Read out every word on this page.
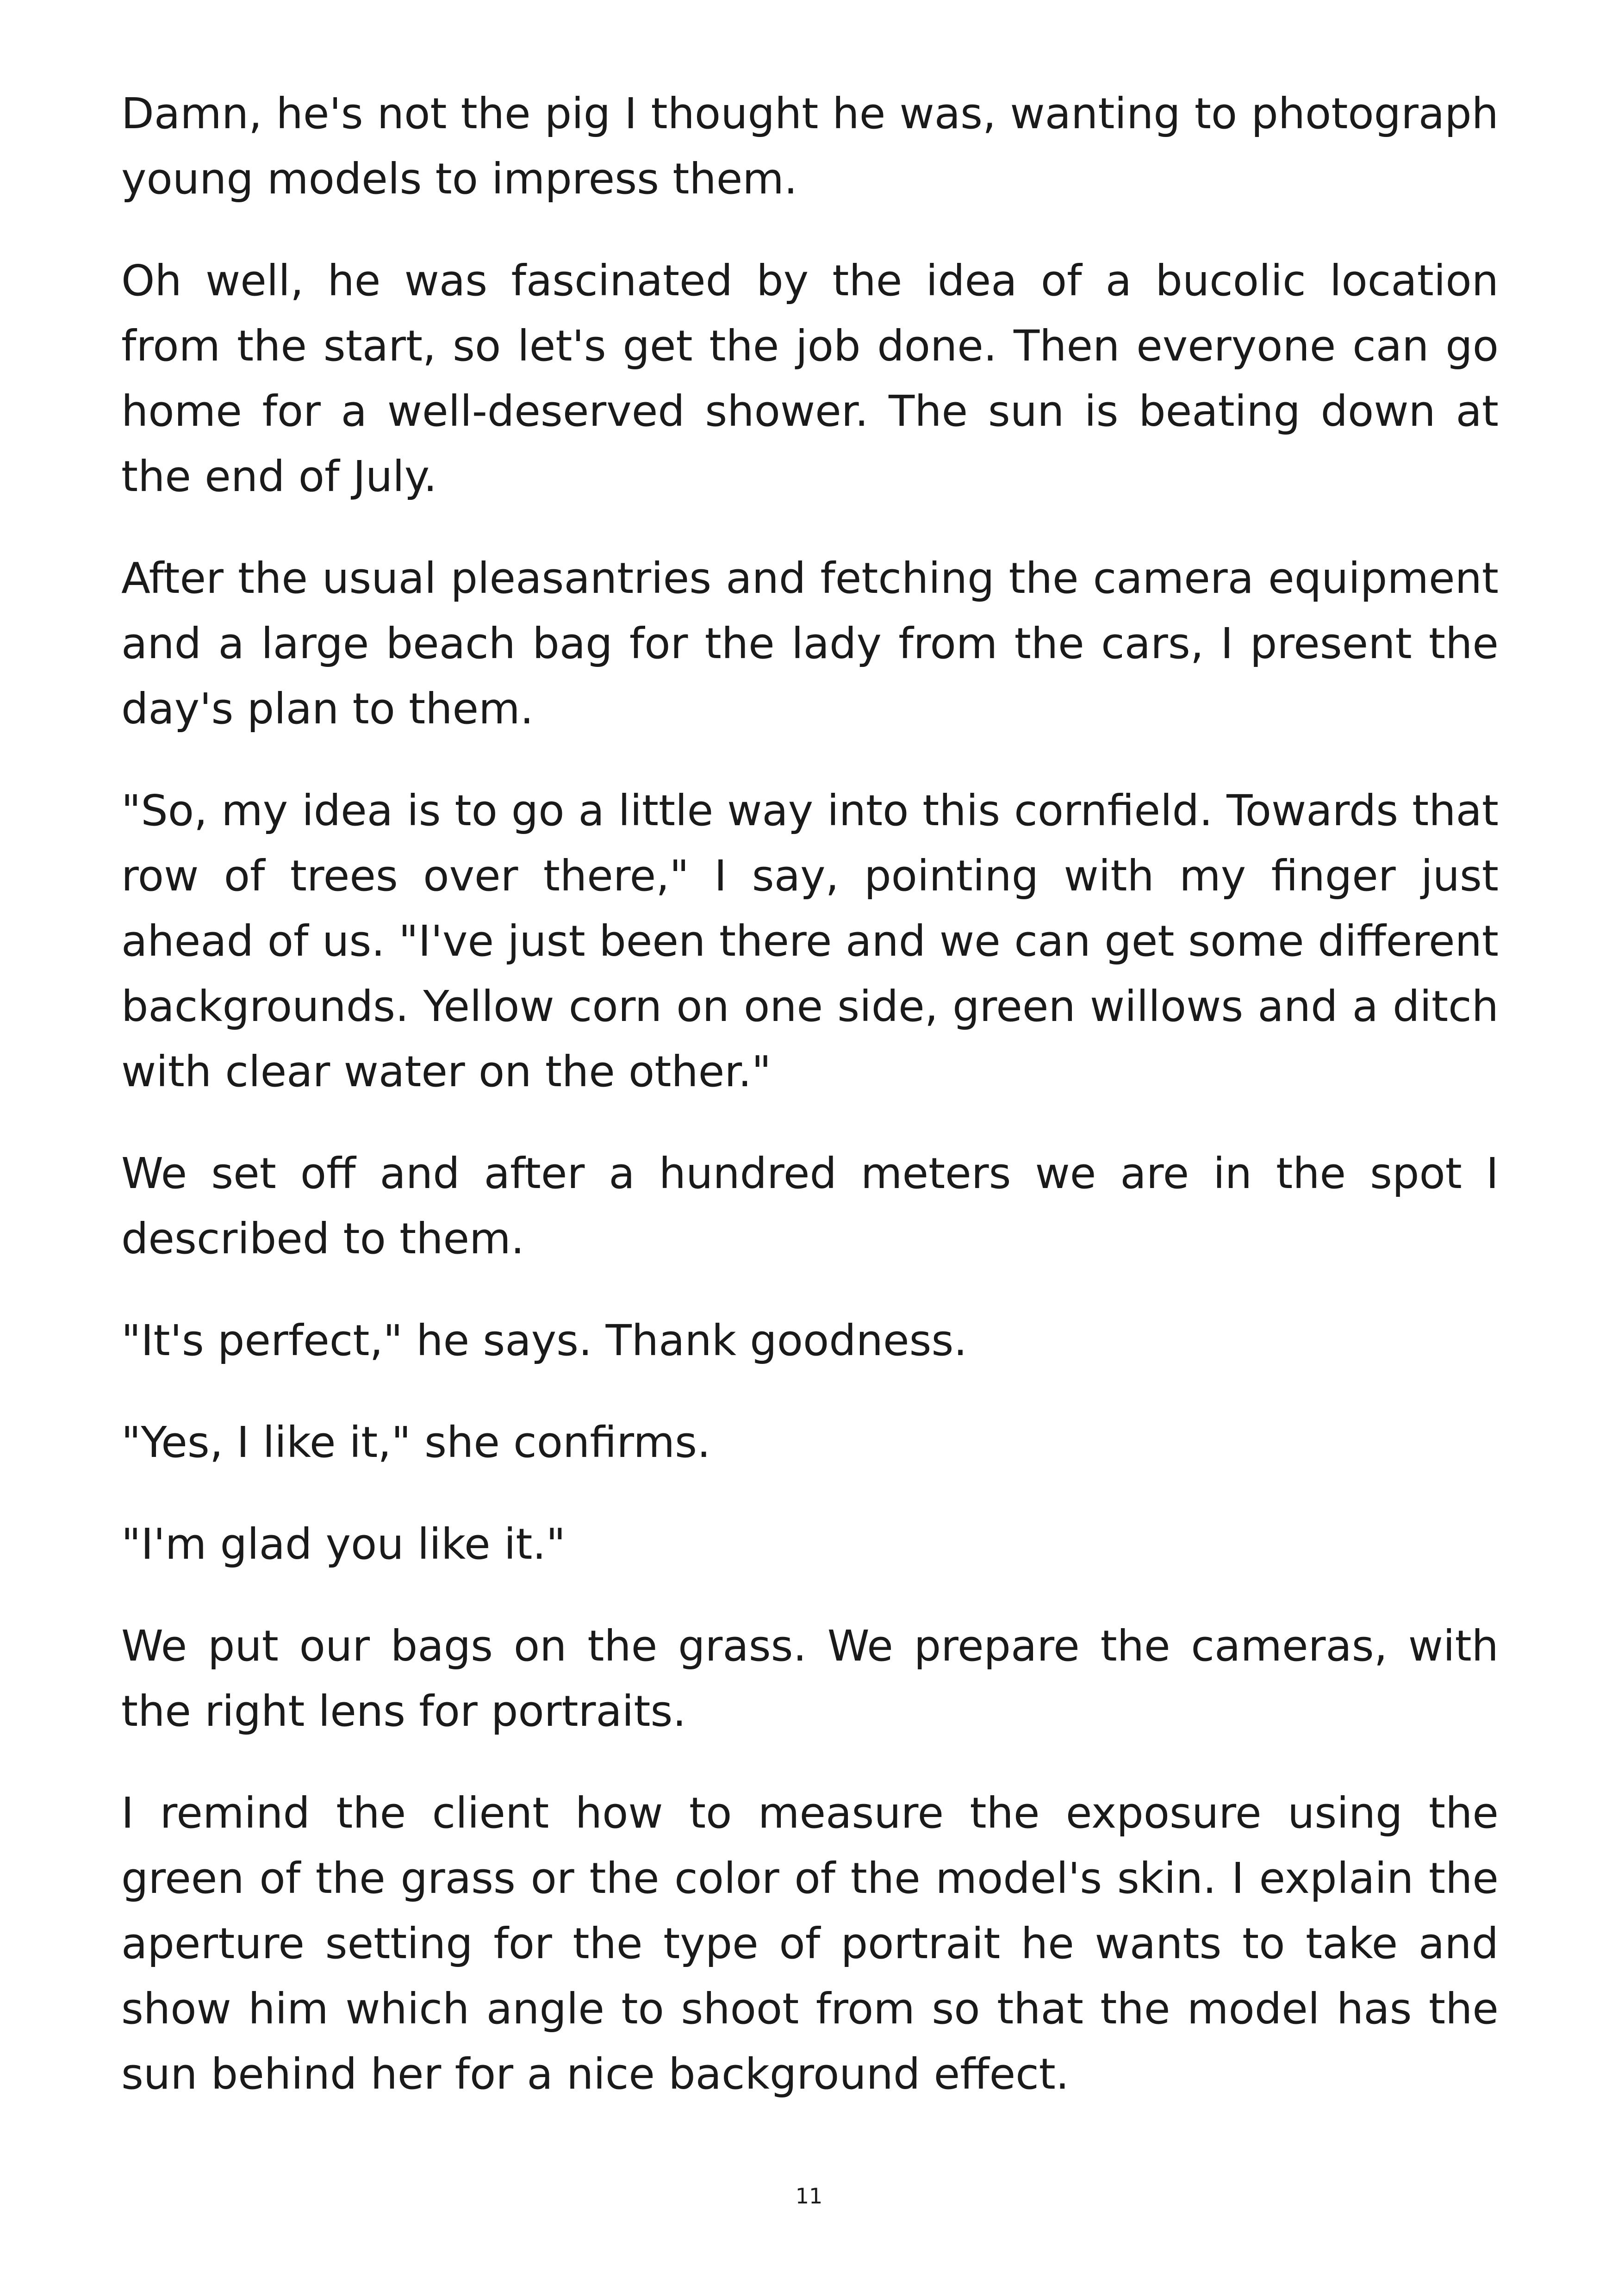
Damn, he's not the pig I thought he was, wanting to photograph young models to impress them.

Oh well, he was fascinated by the idea of a bucolic location from the start, so let's get the job done. Then everyone can go home for a well-deserved shower. The sun is beating down at the end of July.

After the usual pleasantries and fetching the camera equipment and a large beach bag for the lady from the cars, I present the day's plan to them.

"So, my idea is to go a little way into this cornfield. Towards that row of trees over there," I say, pointing with my finger just ahead of us. "I've just been there and we can get some different backgrounds. Yellow corn on one side, green willows and a ditch with clear water on the other."

We set off and after a hundred meters we are in the spot I described to them.

"It's perfect," he says. Thank goodness.

"Yes, I like it," she confirms.

"I'm glad you like it."

We put our bags on the grass. We prepare the cameras, with the right lens for portraits.

I remind the client how to measure the exposure using the green of the grass or the color of the model's skin. I explain the aperture setting for the type of portrait he wants to take and show him which angle to shoot from so that the model has the sun behind her for a nice background effect.

11
